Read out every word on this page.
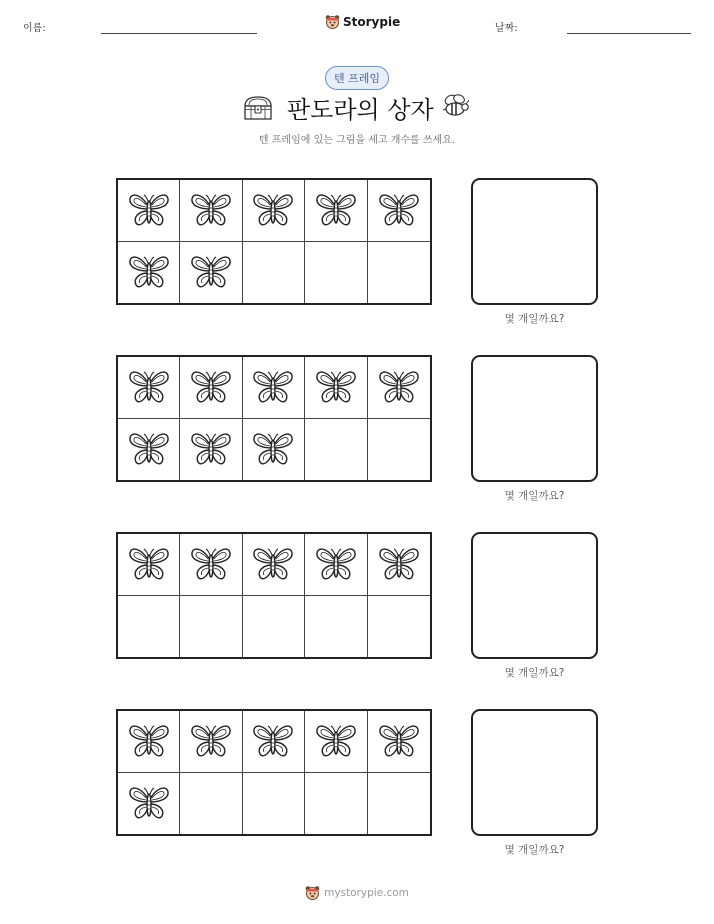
이름:	Storypie	날짜:
텐 프레임
판도라의 상자
텐 프레임에 있는 그림을 세고 개수를 쓰세요.
몇 개일까요?
몇 개일까요?
몇 개일까요?
몇 개일까요?
mystorypie.com
